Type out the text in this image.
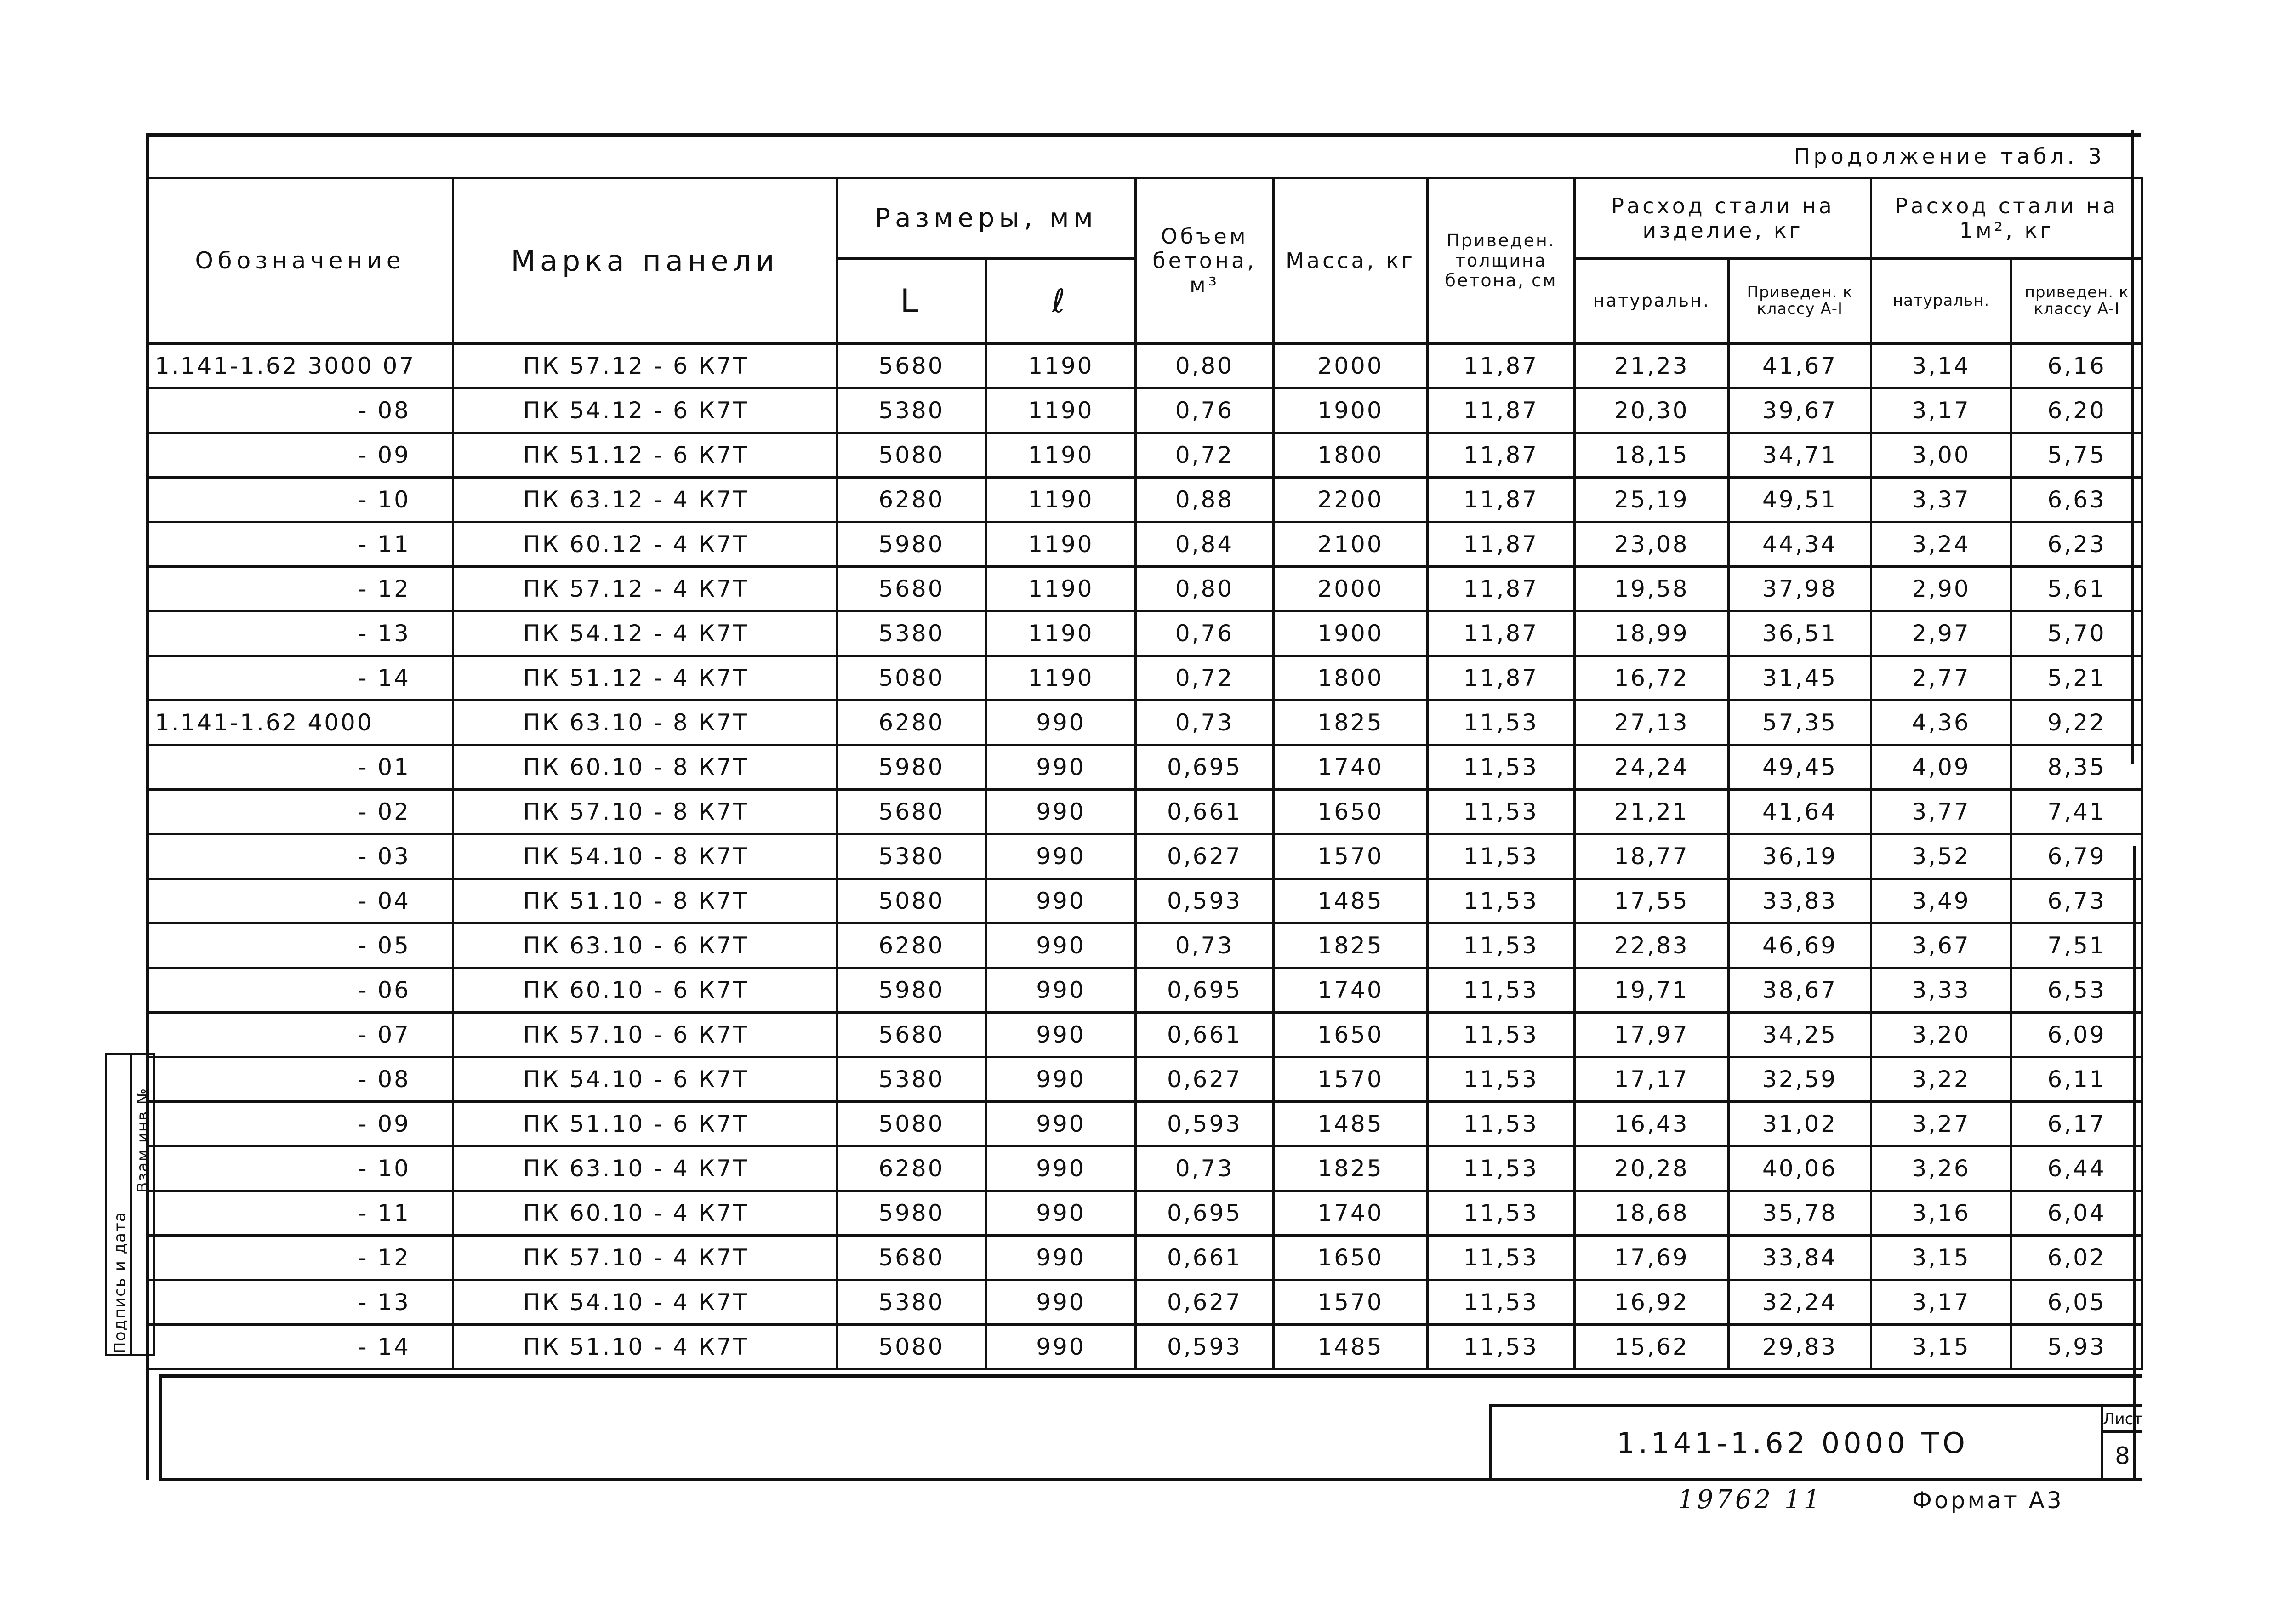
Продолжение табл. 3
Обозначение	Марка панели	Размеры, мм		Объем бетона, м³	Масса, кг	Приведен. толщина бетона, см	Расход стали на изделие, кг		Расход стали на 1м², кг	
		L	ℓ				натуральн.	Приведен. к классу А-I	натуральн.	приведен. к классу А-I
1.141-1.62 3000 07	ПК 57.12 - 6 К7Т	5680	1190	0,80	2000	11,87	21,23	41,67	3,14	6,16
- 08	ПК 54.12 - 6 К7Т	5380	1190	0,76	1900	11,87	20,30	39,67	3,17	6,20
- 09	ПК 51.12 - 6 К7Т	5080	1190	0,72	1800	11,87	18,15	34,71	3,00	5,75
- 10	ПК 63.12 - 4 К7Т	6280	1190	0,88	2200	11,87	25,19	49,51	3,37	6,63
- 11	ПК 60.12 - 4 К7Т	5980	1190	0,84	2100	11,87	23,08	44,34	3,24	6,23
- 12	ПК 57.12 - 4 К7Т	5680	1190	0,80	2000	11,87	19,58	37,98	2,90	5,61
- 13	ПК 54.12 - 4 К7Т	5380	1190	0,76	1900	11,87	18,99	36,51	2,97	5,70
- 14	ПК 51.12 - 4 К7Т	5080	1190	0,72	1800	11,87	16,72	31,45	2,77	5,21
1.141-1.62 4000	ПК 63.10 - 8 К7Т	6280	990	0,73	1825	11,53	27,13	57,35	4,36	9,22
- 01	ПК 60.10 - 8 К7Т	5980	990	0,695	1740	11,53	24,24	49,45	4,09	8,35
- 02	ПК 57.10 - 8 К7Т	5680	990	0,661	1650	11,53	21,21	41,64	3,77	7,41
- 03	ПК 54.10 - 8 К7Т	5380	990	0,627	1570	11,53	18,77	36,19	3,52	6,79
- 04	ПК 51.10 - 8 К7Т	5080	990	0,593	1485	11,53	17,55	33,83	3,49	6,73
- 05	ПК 63.10 - 6 К7Т	6280	990	0,73	1825	11,53	22,83	46,69	3,67	7,51
- 06	ПК 60.10 - 6 К7Т	5980	990	0,695	1740	11,53	19,71	38,67	3,33	6,53
- 07	ПК 57.10 - 6 К7Т	5680	990	0,661	1650	11,53	17,97	34,25	3,20	6,09
- 08	ПК 54.10 - 6 К7Т	5380	990	0,627	1570	11,53	17,17	32,59	3,22	6,11
- 09	ПК 51.10 - 6 К7Т	5080	990	0,593	1485	11,53	16,43	31,02	3,27	6,17
- 10	ПК 63.10 - 4 К7Т	6280	990	0,73	1825	11,53	20,28	40,06	3,26	6,44
- 11	ПК 60.10 - 4 К7Т	5980	990	0,695	1740	11,53	18,68	35,78	3,16	6,04
- 12	ПК 57.10 - 4 К7Т	5680	990	0,661	1650	11,53	17,69	33,84	3,15	6,02
- 13	ПК 54.10 - 4 К7Т	5380	990	0,627	1570	11,53	16,92	32,24	3,17	6,05
- 14	ПК 51.10 - 4 К7Т	5080	990	0,593	1485	11,53	15,62	29,83	3,15	5,93
1.141-1.62 0000 ТО
Лист
8
19762 11	Формат А3
Подпись и дата
Взам инв №
